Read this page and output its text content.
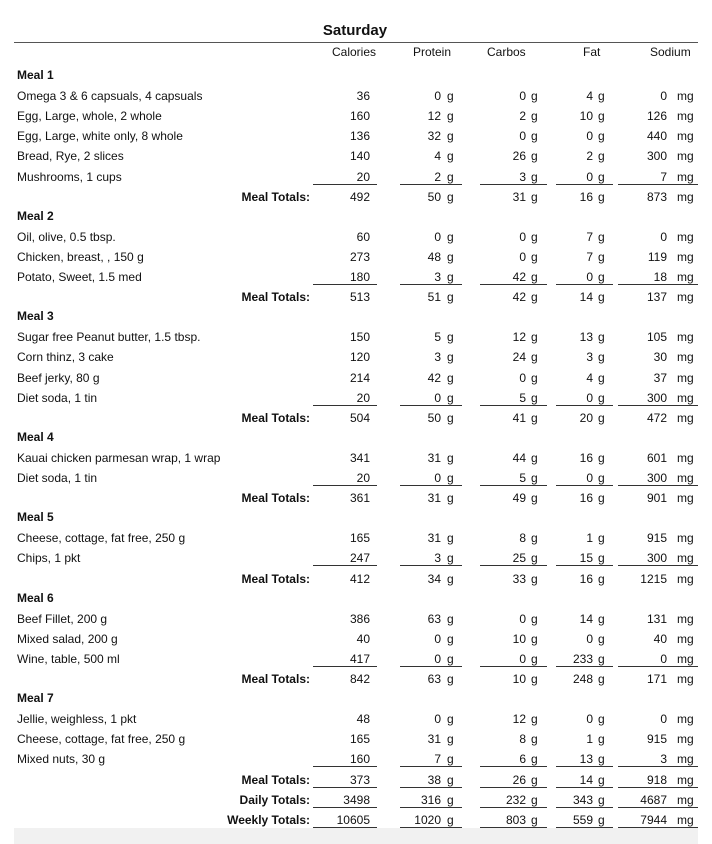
Saturday
Calories	Protein	Carbos	Fat	Sodium
Meal 1
Omega 3 & 6 capsuals, 4 capsuals	36	0 g	0 g	4 g	0 mg
Egg, Large, whole, 2 whole	160	12 g	2 g	10 g	126 mg
Egg, Large, white only, 8 whole	136	32 g	0 g	0 g	440 mg
Bread, Rye, 2 slices	140	4 g	26 g	2 g	300 mg
Mushrooms, 1 cups	20	2 g	3 g	0 g	7 mg
Meal Totals:	492	50 g	31 g	16 g	873 mg
Meal 2
Oil, olive, 0.5 tbsp.	60	0 g	0 g	7 g	0 mg
Chicken, breast, , 150 g	273	48 g	0 g	7 g	119 mg
Potato, Sweet, 1.5 med	180	3 g	42 g	0 g	18 mg
Meal Totals:	513	51 g	42 g	14 g	137 mg
Meal 3
Sugar free Peanut butter, 1.5 tbsp.	150	5 g	12 g	13 g	105 mg
Corn thinz, 3 cake	120	3 g	24 g	3 g	30 mg
Beef jerky, 80 g	214	42 g	0 g	4 g	37 mg
Diet soda, 1 tin	20	0 g	5 g	0 g	300 mg
Meal Totals:	504	50 g	41 g	20 g	472 mg
Meal 4
Kauai chicken parmesan wrap, 1 wrap	341	31 g	44 g	16 g	601 mg
Diet soda, 1 tin	20	0 g	5 g	0 g	300 mg
Meal Totals:	361	31 g	49 g	16 g	901 mg
Meal 5
Cheese, cottage, fat free, 250 g	165	31 g	8 g	1 g	915 mg
Chips, 1 pkt	247	3 g	25 g	15 g	300 mg
Meal Totals:	412	34 g	33 g	16 g	1215 mg
Meal 6
Beef Fillet, 200 g	386	63 g	0 g	14 g	131 mg
Mixed salad, 200 g	40	0 g	10 g	0 g	40 mg
Wine, table, 500 ml	417	0 g	0 g	233 g	0 mg
Meal Totals:	842	63 g	10 g	248 g	171 mg
Meal 7
Jellie, weighless, 1 pkt	48	0 g	12 g	0 g	0 mg
Cheese, cottage, fat free, 250 g	165	31 g	8 g	1 g	915 mg
Mixed nuts, 30 g	160	7 g	6 g	13 g	3 mg
Meal Totals:	373	38 g	26 g	14 g	918 mg
Daily Totals:	3498	316 g	232 g	343 g	4687 mg
Weekly Totals: 10605	1020 g	803 g	559 g	7944 mg
